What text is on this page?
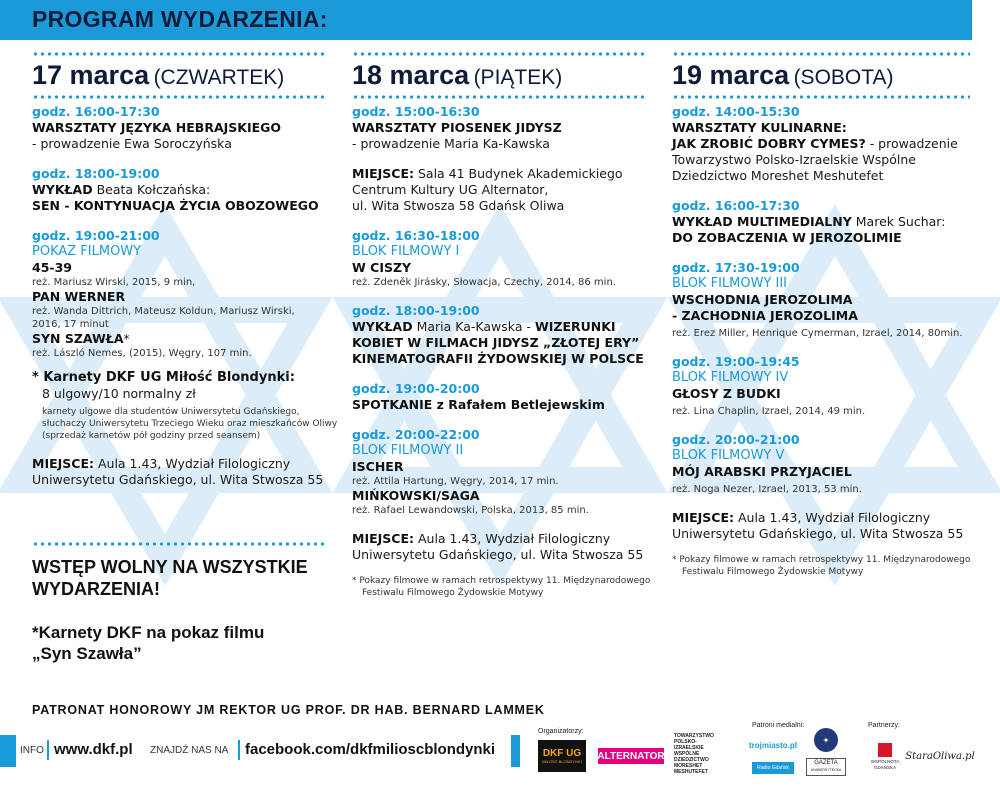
PROGRAM WYDARZENIA:
17 marca (CZWARTEK)	18 marca (PIĄTEK)	19 marca (SOBOTA)
godz. 16:00-17:30
WARSZTATY JĘZYKA HEBRAJSKIEGO
- prowadzenie Ewa Soroczyńska
godz. 18:00-19:00
WYKŁAD Beata Kołczańska:
SEN - KONTYNUACJA ŻYCIA OBOZOWEGO
godz. 19:00-21:00
POKAZ FILMOWY
45-39
reż. Mariusz Wirski, 2015, 9 min,
PAN WERNER
reż. Wanda Dittrich, Mateusz Koldun, Mariusz Wirski,
2016, 17 minut
SYN SZAWŁA*
reż. László Nemes, (2015), Węgry, 107 min.
* Karnety DKF UG Miłość Blondynki:
8 ulgowy/10 normalny zł
karnety ulgowe dla studentów Uniwersytetu Gdańskiego,
słuchaczy Uniwersytetu Trzeciego Wieku oraz mieszkańców Oliwy
(sprzedaż karnetów pół godziny przed seansem)
MIEJSCE: Aula 1.43, Wydział Filologiczny
Uniwersytetu Gdańskiego, ul. Wita Stwosza 55
WSTĘP WOLNY NA WSZYSTKIE
WYDARZENIA!
*Karnety DKF na pokaz filmu
„Syn Szawła”
godz. 15:00-16:30
WARSZTATY PIOSENEK JIDYSZ
- prowadzenie Maria Ka-Kawska
MIEJSCE: Sala 41 Budynek Akademickiego
Centrum Kultury UG Alternator,
ul. Wita Stwosza 58 Gdańsk Oliwa
godz. 16:30-18:00
BLOK FILMOWY I
W CISZY
reż. Zdeněk Jirásky, Słowacja, Czechy, 2014, 86 min.
godz. 18:00-19:00
WYKŁAD Maria Ka-Kawska - WIZERUNKI
KOBIET W FILMACH JIDYSZ „ZŁOTEJ ERY”
KINEMATOGRAFII ŻYDOWSKIEJ W POLSCE
godz. 19:00-20:00
SPOTKANIE z Rafałem Betlejewskim
godz. 20:00-22:00
BLOK FILMOWY II
ISCHER
reż. Attila Hartung, Węgry, 2014, 17 min.
MIŃKOWSKI/SAGA
reż. Rafael Lewandowski, Polska, 2013, 85 min.
MIEJSCE: Aula 1.43, Wydział Filologiczny
Uniwersytetu Gdańskiego, ul. Wita Stwosza 55
* Pokazy filmowe w ramach retrospektywy 11. Międzynarodowego
Festiwalu Filmowego Żydowskie Motywy
godz. 14:00-15:30
WARSZTATY KULINARNE:
JAK ZROBIĆ DOBRY CYMES? - prowadzenie
Towarzystwo Polsko-Izraelskie Wspólne
Dziedzictwo Moreshet Meshutefet
godz. 16:00-17:30
WYKŁAD MULTIMEDIALNY Marek Suchar:
DO ZOBACZENIA W JEROZOLIMIE
godz. 17:30-19:00
BLOK FILMOWY III
WSCHODNIA JEROZOLIMA
- ZACHODNIA JEROZOLIMA
reż. Erez Miller, Henrique Cymerman, Izrael, 2014, 80min.
godz. 19:00-19:45
BLOK FILMOWY IV
GŁOSY Z BUDKI
reż. Lina Chaplin, Izrael, 2014, 49 min.
godz. 20:00-21:00
BLOK FILMOWY V
MÓJ ARABSKI PRZYJACIEL
reż. Noga Nezer, Izrael, 2013, 53 min.
MIEJSCE: Aula 1.43, Wydział Filologiczny
Uniwersytetu Gdańskiego, ul. Wita Stwosza 55
* Pokazy filmowe w ramach retrospektywy 11. Międzynarodowego
Festiwalu Filmowego Żydowskie Motywy
PATRONAT HONOROWY JM REKTOR UG PROF. DR HAB. BERNARD LAMMEK
INFO www.dkf.pl ZNAJDŹ NAS NA facebook.com/dkfmilioscblondynki
Organizatorzy:
Patroni medialni:	Partnerzy:
DKF UG
MIŁOŚĆ BLONDYNKI ALTERNATOR
TOWARZYSTWO
POLSKO-
IZRAELSKIE
WSPÓLNE
DZIEDZICTWO
MORESHET
MESHUTEFET
trojmiasto.pl
Radio Gdańsk
✦
GAZETA
UNIWERSYTECKA
WSPÓLNOTA
GDAŃSKA
StaraOliwa.pl
